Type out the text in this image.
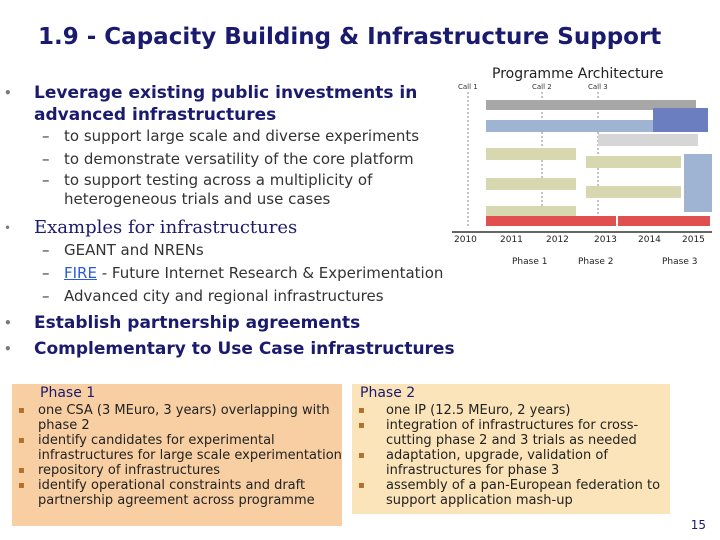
1.9 - Capacity Building & Infrastructure Support
• Leverage existing public investments in advanced infrastructures
– to support large scale and diverse experiments
– to demonstrate versatility of the core platform
– to support testing across a multiplicity of heterogeneous trials and use cases
• Examples for infrastructures
– GEANT and NRENs
– FIRE - Future Internet Research & Experimentation
– Advanced city and regional infrastructures
• Establish partnership agreements
• Complementary to Use Case infrastructures
Programme Architecture
Call 1	Call 2	Call 3
2010	2011	2012	2013 2014 2015
Phase 1	Phase 2	Phase 3
Phase 1
▪ one CSA (3 MEuro, 3 years) overlapping with phase 2
▪ identify candidates for experimental infrastructures for large scale experimentation
▪ repository of infrastructures
▪ identify operational constraints and draft partnership agreement across programme
Phase 2
▪ one IP (12.5 MEuro, 2 years)
▪ integration of infrastructures for cross-cutting phase 2 and 3 trials as needed
▪ adaptation, upgrade, validation of infrastructures for phase 3
▪ assembly of a pan-European federation to support application mash-up
15
